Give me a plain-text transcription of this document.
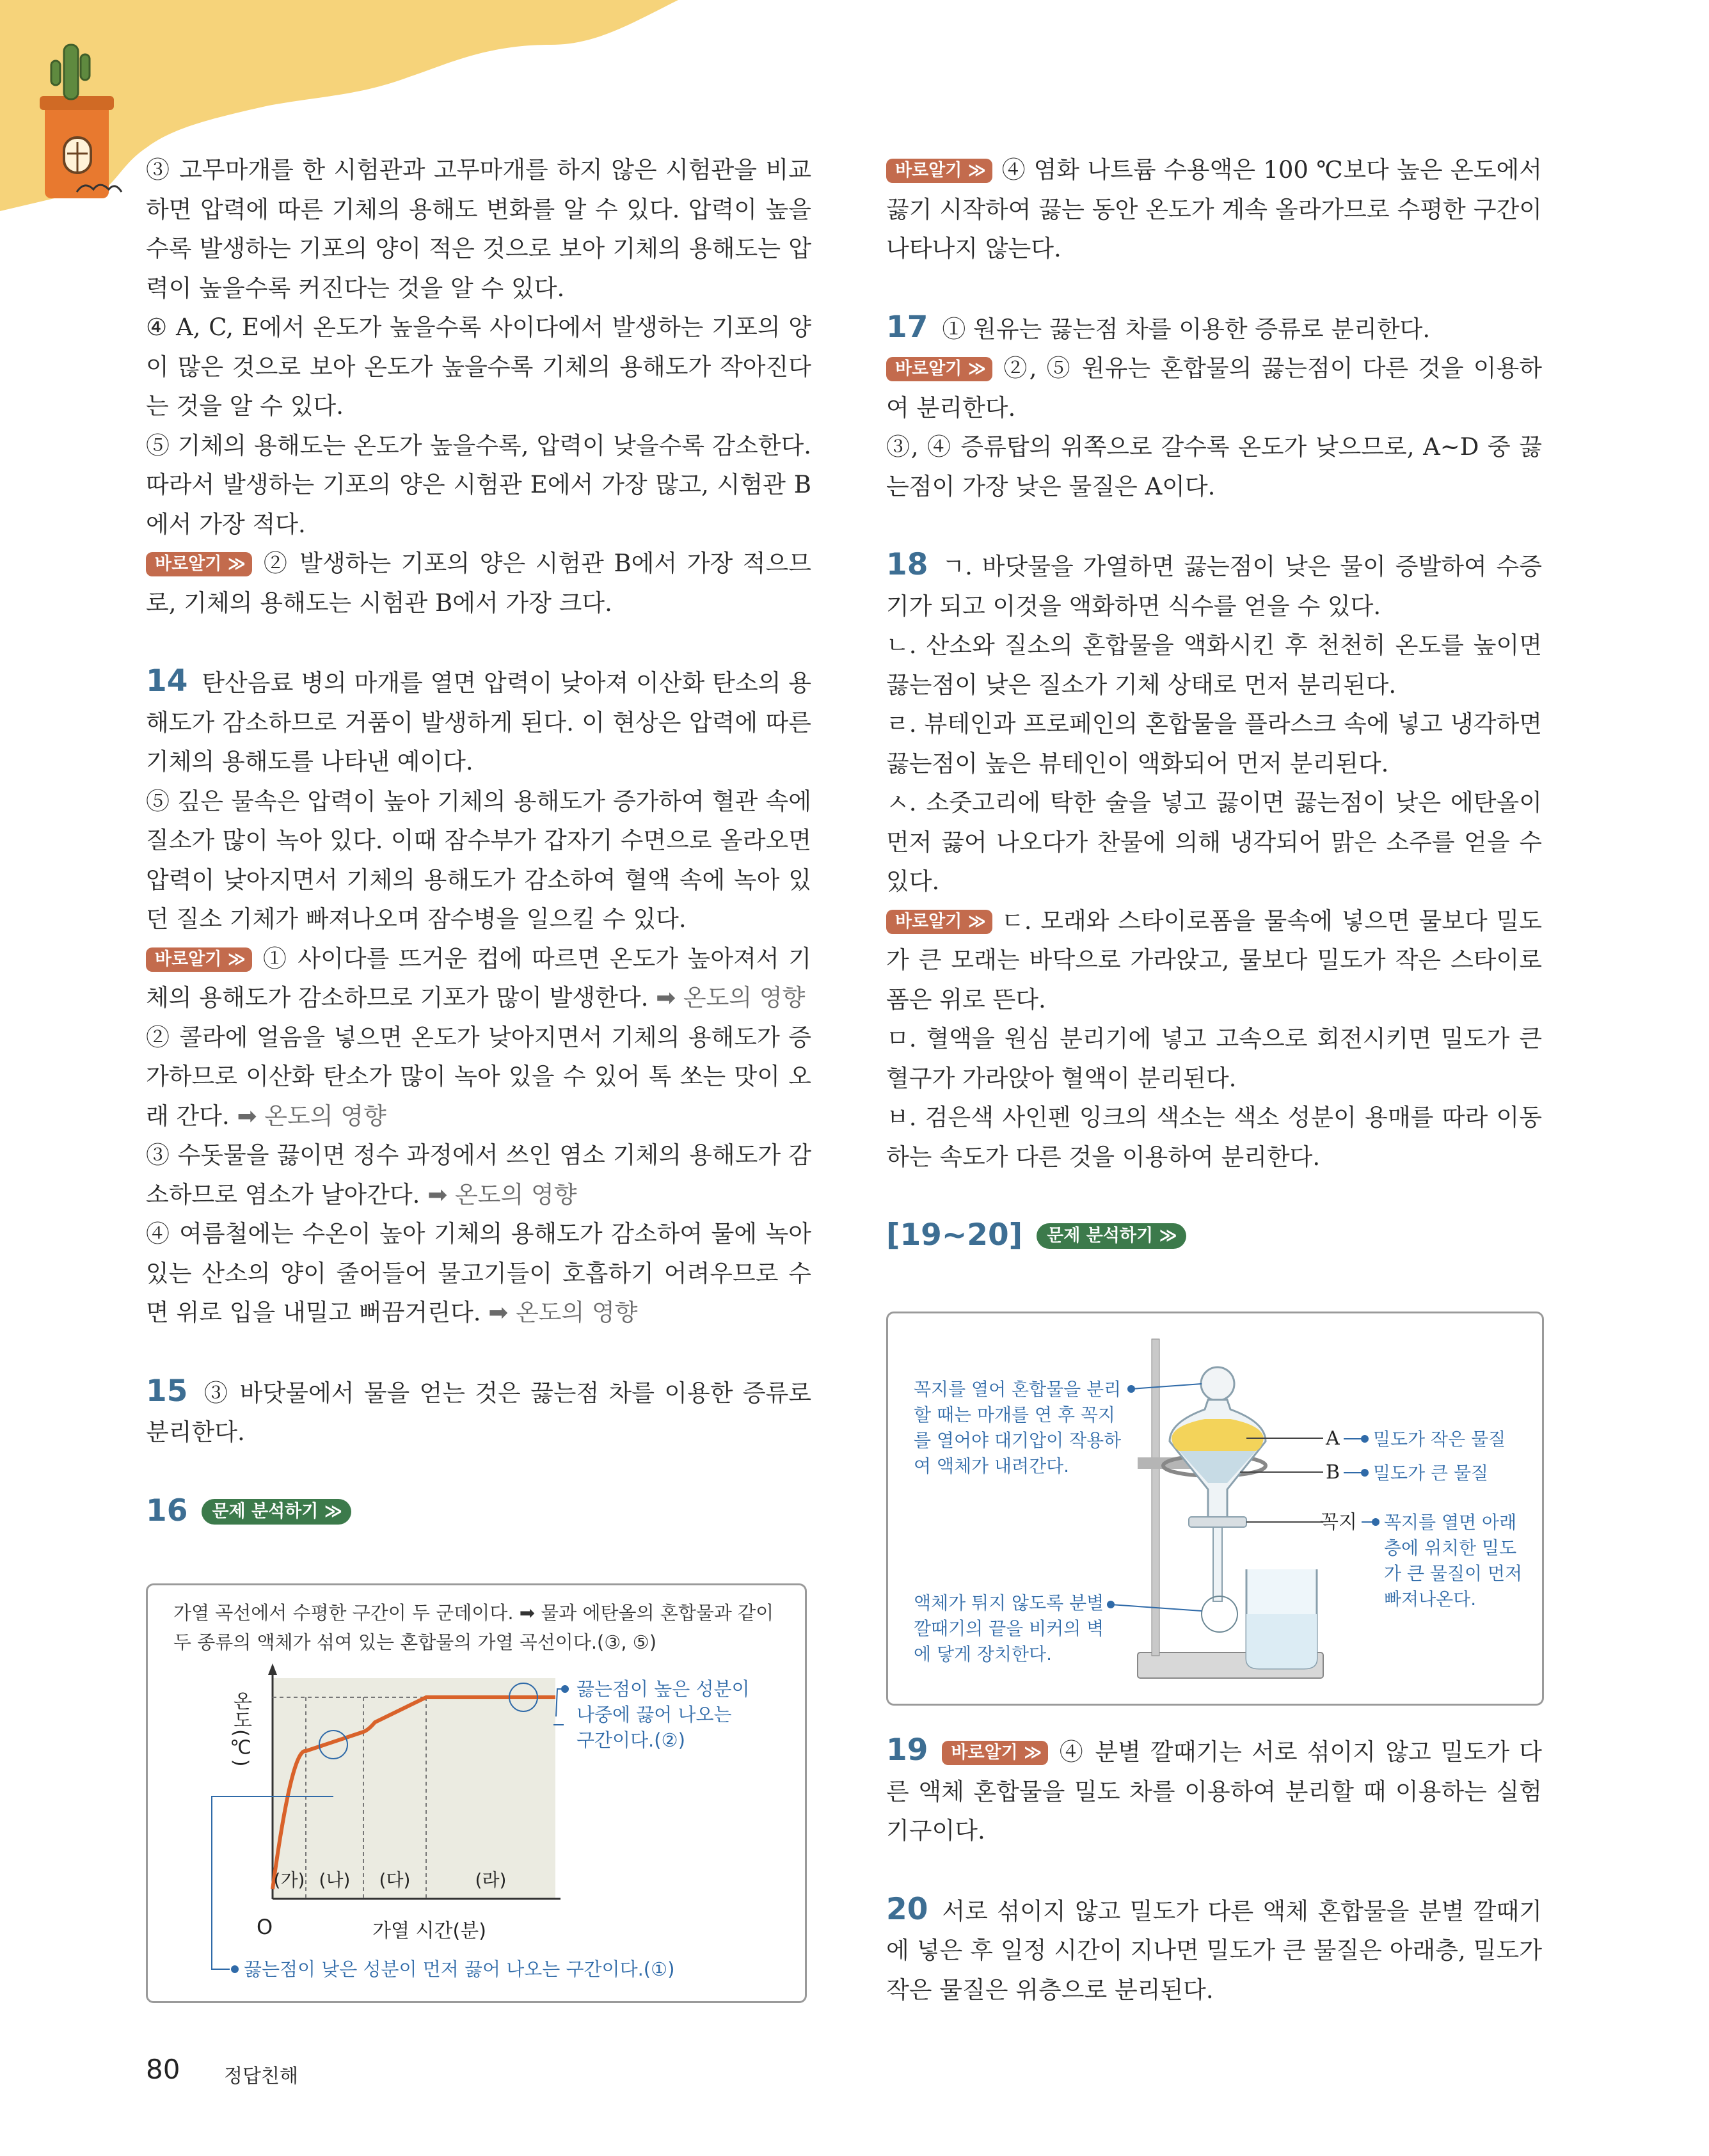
③ 고무마개를 한 시험관과 고무마개를 하지 않은 시험관을 비교하면 압력에 따른 기체의 용해도 변화를 알 수 있다. 압력이 높을수록 발생하는 기포의 양이 적은 것으로 보아 기체의 용해도는 압력이 높을수록 커진다는 것을 알 수 있다.

④ A, C, E에서 온도가 높을수록 사이다에서 발생하는 기포의 양이 많은 것으로 보아 온도가 높을수록 기체의 용해도가 작아진다는 것을 알 수 있다.

⑤ 기체의 용해도는 온도가 높을수록, 압력이 낮을수록 감소한다. 따라서 발생하는 기포의 양은 시험관 E에서 가장 많고, 시험관 B에서 가장 적다.

바로알기 ≫ ② 발생하는 기포의 양은 시험관 B에서 가장 적으므로, 기체의 용해도는 시험관 B에서 가장 크다.

14 탄산음료 병의 마개를 열면 압력이 낮아져 이산화 탄소의 용해도가 감소하므로 거품이 발생하게 된다. 이 현상은 압력에 따른 기체의 용해도를 나타낸 예이다.

⑤ 깊은 물속은 압력이 높아 기체의 용해도가 증가하여 혈관 속에 질소가 많이 녹아 있다. 이때 잠수부가 갑자기 수면으로 올라오면 압력이 낮아지면서 기체의 용해도가 감소하여 혈액 속에 녹아 있던 질소 기체가 빠져나오며 잠수병을 일으킬 수 있다.

바로알기 ≫ ① 사이다를 뜨거운 컵에 따르면 온도가 높아져서 기체의 용해도가 감소하므로 기포가 많이 발생한다. ➡ 온도의 영향

② 콜라에 얼음을 넣으면 온도가 낮아지면서 기체의 용해도가 증가하므로 이산화 탄소가 많이 녹아 있을 수 있어 톡 쏘는 맛이 오래 간다. ➡ 온도의 영향

③ 수돗물을 끓이면 정수 과정에서 쓰인 염소 기체의 용해도가 감소하므로 염소가 날아간다. ➡ 온도의 영향

④ 여름철에는 수온이 높아 기체의 용해도가 감소하여 물에 녹아 있는 산소의 양이 줄어들어 물고기들이 호흡하기 어려우므로 수면 위로 입을 내밀고 뻐끔거린다. ➡ 온도의 영향

15 ③ 바닷물에서 물을 얻는 것은 끓는점 차를 이용한 증류로 분리한다.

16 문제 분석하기 ≫

가열 곡선에서 수평한 구간이 두 군데이다. ➡ 물과 에탄올의 혼합물과 같이
두 종류의 액체가 섞여 있는 혼합물의 가열 곡선이다.(③, ⑤)
(가) (나) (다)	(라)
온도(℃)
O	가열 시간(분)
끓는점이 높은 성분이
나중에 끓어 나오는
구간이다.(②)
끓는점이 낮은 성분이 먼저 끓어 나오는 구간이다.(①)

바로알기 ≫ ④ 염화 나트륨 수용액은 100 ℃보다 높은 온도에서 끓기 시작하여 끓는 동안 온도가 계속 올라가므로 수평한 구간이 나타나지 않는다.

17 ① 원유는 끓는점 차를 이용한 증류로 분리한다.

바로알기 ≫ ②, ⑤ 원유는 혼합물의 끓는점이 다른 것을 이용하여 분리한다.

③, ④ 증류탑의 위쪽으로 갈수록 온도가 낮으므로, A~D 중 끓는점이 가장 낮은 물질은 A이다.

18 ㄱ. 바닷물을 가열하면 끓는점이 낮은 물이 증발하여 수증기가 되고 이것을 액화하면 식수를 얻을 수 있다.

ㄴ. 산소와 질소의 혼합물을 액화시킨 후 천천히 온도를 높이면 끓는점이 낮은 질소가 기체 상태로 먼저 분리된다.

ㄹ. 뷰테인과 프로페인의 혼합물을 플라스크 속에 넣고 냉각하면 끓는점이 높은 뷰테인이 액화되어 먼저 분리된다.

ㅅ. 소줏고리에 탁한 술을 넣고 끓이면 끓는점이 낮은 에탄올이 먼저 끓어 나오다가 찬물에 의해 냉각되어 맑은 소주를 얻을 수 있다.

바로알기 ≫ ㄷ. 모래와 스타이로폼을 물속에 넣으면 물보다 밀도가 큰 모래는 바닥으로 가라앉고, 물보다 밀도가 작은 스타이로폼은 위로 뜬다.

ㅁ. 혈액을 원심 분리기에 넣고 고속으로 회전시키면 밀도가 큰 혈구가 가라앉아 혈액이 분리된다.

ㅂ. 검은색 사인펜 잉크의 색소는 색소 성분이 용매를 따라 이동하는 속도가 다른 것을 이용하여 분리한다.

[19~20] 문제 분석하기 ≫

A
B
꼭지
꼭지를 열어 혼합물을 분리
할 때는 마개를 연 후 꼭지
를 열어야 대기압이 작용하
여 액체가 내려간다.
액체가 튀지 않도록 분별
깔때기의 끝을 비커의 벽
에 닿게 장치한다.
밀도가 작은 물질
밀도가 큰 물질
꼭지를 열면 아래
층에 위치한 밀도
가 큰 물질이 먼저
빠져나온다.

19 바로알기 ≫ ④ 분별 깔때기는 서로 섞이지 않고 밀도가 다른 액체 혼합물을 밀도 차를 이용하여 분리할 때 이용하는 실험 기구이다.

20 서로 섞이지 않고 밀도가 다른 액체 혼합물을 분별 깔때기에 넣은 후 일정 시간이 지나면 밀도가 큰 물질은 아래층, 밀도가 작은 물질은 위층으로 분리된다.

80 정답친해
